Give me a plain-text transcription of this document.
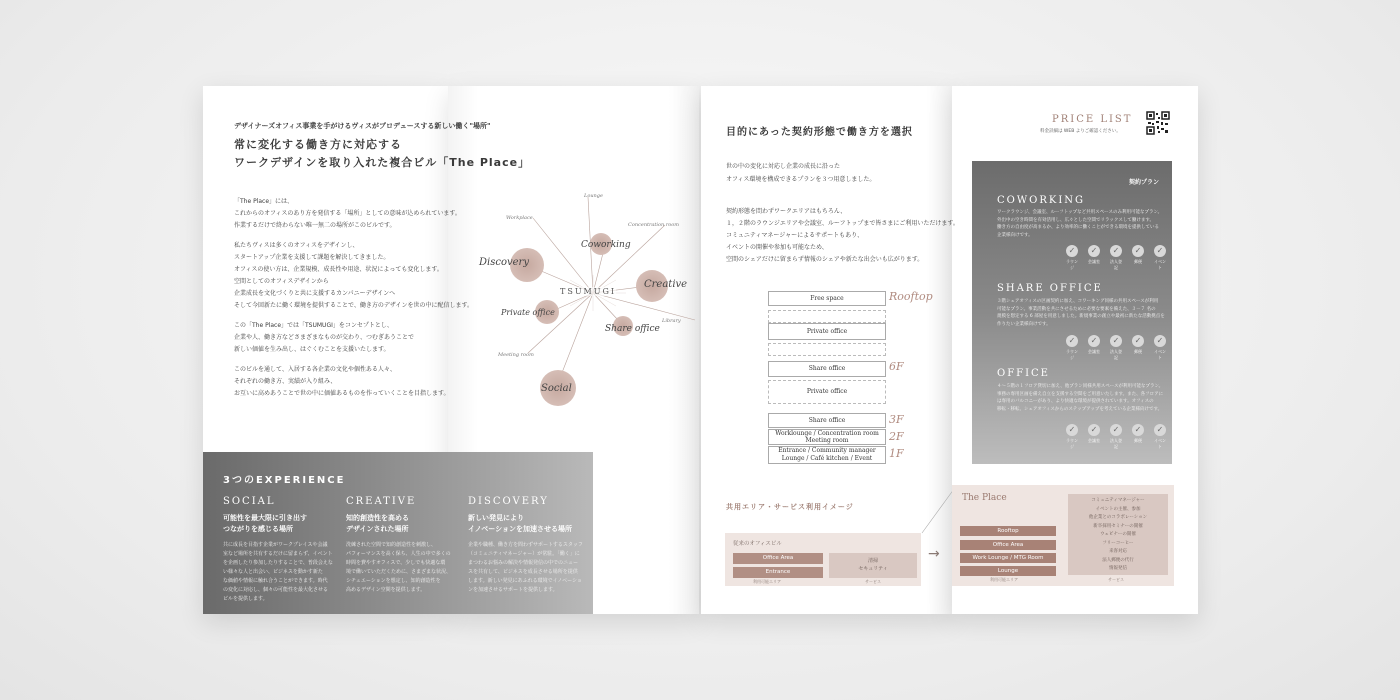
デザイナーズオフィス事業を手がけるヴィスがプロデュースする新しい働く"場所"
常に変化する働き方に対応する
ワークデザインを取り入れた複合ビル「The Place」

「The Place」には、

これからのオフィスのあり方を発信する「場所」としての意味が込められています。

作業するだけで終わらない唯一無二の場所がこのビルです。

私たちヴィスは多くのオフィスをデザインし、

スタートアップ企業を支援して課題を解決してきました。

オフィスの使い方は、企業規模、成長性や用途、状況によっても変化します。

空間としてのオフィスデザインから

企業成長を文化づくりと共に支援するカンパニーデザインへ

そして今回新たに働く環境を提供することで、働き方のデザインを世の中に配信します。

この「The Place」では「TSUMUGI」をコンセプトとし、

企業や人、働き方などさまざまなものが交わり、つむぎあうことで

新しい価値を生み出し、はぐくむことを支援いたします。

このビルを通して、入居する各企業の文化や個性ある人々、

それぞれの働き方、実績が入り組み、

お互いに高めあうことで世の中に価値あるものを作っていくことを目指します。

TSUMUGI
Coworking
Creative
Discovery
Private office
Share office
Social
Lounge
Workplace
Concentration room
Library
Meeting room
3つのEXPERIENCE
SOCIAL
可能性を最大限に引き出す
つながりを感じる場所
共に成長を目指す企業がワークプレイスや会議
室など場所を共有するだけに留まらず、イベント
を企画したり参加したりすることで、普段会えな
い様々な人と出会い、ビジネスを動かす新た
な価値や情報に触れ合うことができます。時代
の変化に対応し、個々の可能性を最大化させる
ビルを提供します。
CREATIVE
知的創造性を高める
デザインされた場所
洗練された空間で知的創造性を刺激し、
パフォーマンスを高く保ち、人生の中で多くの
時間を費やすオフィスで、少しでも快適な環
境で働いていただくために、さまざまな状況、
シチュエーションを想定し、知的創造性を
高めるデザイン空間を提供します。
DISCOVERY
新しい発見により
イノベーションを加速させる場所
企業や職種、働き方を問わずサポートするスタッフ
（コミュニティマネージャー）が常駐。「働く」に
まつわるお悩みの解決や情報発信の中でのニュー
スを共有して、ビジネスを成長させる場所を提供
します。新しい発見にあふれる環境でイノベーショ
ンを加速させるサポートを提供します。
目的にあった契約形態で働き方を選択
世の中の変化に対応し企業の成長に沿った
オフィス環境を構成できるプランを３つ用意しました。
契約形態を問わずワークエリアはもちろん、
１，２階のラウンジエリアや会議室、ルーフトップまで皆さまにご利用いただけます。
コミュニティマネージャーによるサポートもあり、
イベントの開催や参加も可能なため、
空間のシェアだけに留まらず情報のシェアや新たな出会いも広がります。
Free space
Private office
Share office
Private office
Share office
Worklounge / Concentration room Meeting room
Entrance / Community manager Lounge / Café kitchen / Event
Rooftop
6F
3F
2F
1F
共用エリア・サービス利用イメージ
従来のオフィスビル
Office Area
Entrance
清掃
セキュリティ
利用可能エリア	サービス
→
The Place
Rooftop
Office Area
Work Lounge / MTG Room
Lounge
コミュニティマネージャー
イベントの主催、参加
他企業とのコラボレーション
新卒採用セミナーの開催
ウェビナーの開催
フリーコーヒー
来客対応
法人郵便の代行
情報発信
利用可能エリア	サービス
PRICE LIST
料金詳細は WEB よりご確認ください。
契約プラン
COWORKING
ワークラウンジ、会議室、ルーフトップなど共用スペースのみ利用可能なプラン。
外出中の空き時間を有効活用し、広々とした空間でリラックスして働けます。
働き方の自由度が高まるか、より効率的に働くことができる環境を提供している
企業様向けです。
✓
ラウンジ
✓
会議室
✓
法人登記
✓
郵便
✓
イベント
SHARE OFFICE
３階シェアオフィスの区画契約に加え、コワーキング同様の共用スペースが利用
可能なプラン。事業活動を共にさせるために必要な要素を備えた、３－７ 名の
規模を想定する 6 部屋を用意しました。新規事業の創立や最初に新たな活動拠点を
作りたい企業様向けです。
✓
ラウンジ
✓
会議室
✓
法人登記
✓
郵便
✓
イベント
OFFICE
４～５階の１フロア貸切に加え、他プラン同様共用スペースが利用可能なプラン。
事務の専用区画を備え自立を支援する空間をご用意いたします。また、各フロアに
は専用のバルコニーがあり、より快適な環境が提供されています。オフィスの
移転・移転、シェアオフィスからのステップアップを考えている企業様向けです。
✓
ラウンジ
✓
会議室
✓
法人登記
✓
郵便
✓
イベント
